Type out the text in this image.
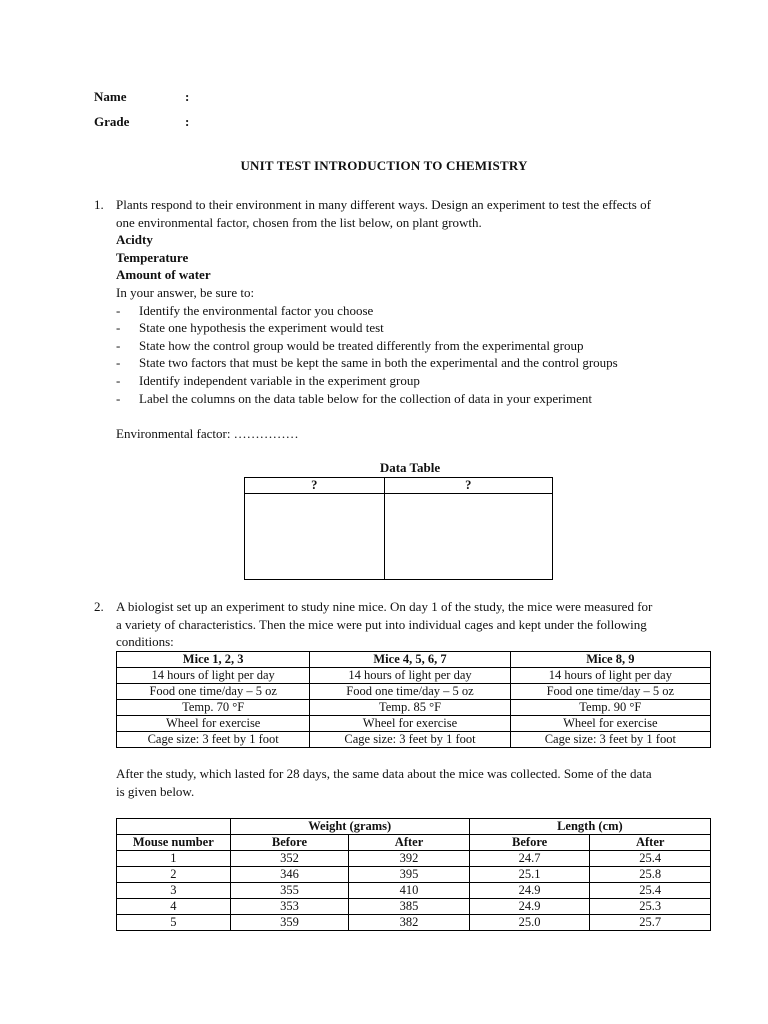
Name	:
Grade	:
UNIT TEST INTRODUCTION TO CHEMISTRY
1. Plants respond to their environment in many different ways. Design an experiment to test the effects of
one environmental factor, chosen from the list below, on plant growth.
Acidty
Temperature
Amount of water
In your answer, be sure to:
- Identify the environmental factor you choose
- State one hypothesis the experiment would test
- State how the control group would be treated differently from the experimental group
- State two factors that must be kept the same in both the experimental and the control groups
- Identify independent variable in the experiment group
- Label the columns on the data table below for the collection of data in your experiment
Environmental factor: ……………
Data Table
?	?

2. A biologist set up an experiment to study nine mice. On day 1 of the study, the mice were measured for
a variety of characteristics. Then the mice were put into individual cages and kept under the following
conditions:
Mice 1, 2, 3	Mice 4, 5, 6, 7	Mice 8, 9
14 hours of light per day	14 hours of light per day	14 hours of light per day
Food one time/day – 5 oz	Food one time/day – 5 oz	Food one time/day – 5 oz
Temp. 70 °F	Temp. 85 °F	Temp. 90 °F
Wheel for exercise	Wheel for exercise	Wheel for exercise
Cage size: 3 feet by 1 foot	Cage size: 3 feet by 1 foot	Cage size: 3 feet by 1 foot
After the study, which lasted for 28 days, the same data about the mice was collected. Some of the data
is given below.
	Weight (grams)		Length (cm)	
Mouse number	Before	After	Before	After
1	352	392	24.7	25.4
2	346	395	25.1	25.8
3	355	410	24.9	25.4
4	353	385	24.9	25.3
5	359	382	25.0	25.7
